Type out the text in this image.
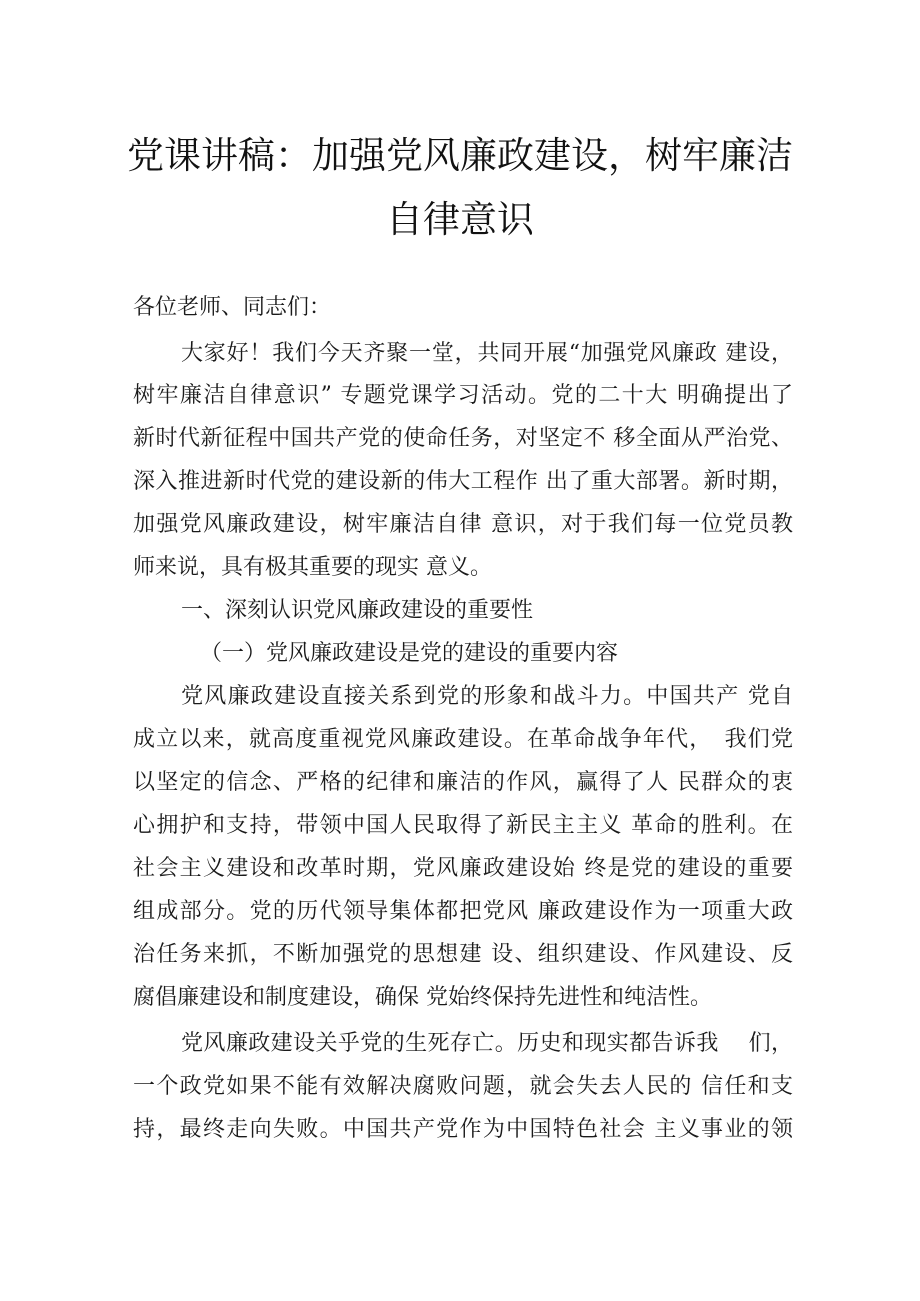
党课讲稿：加强党风廉政建设，树牢廉洁
自律意识
各位老师、同志们：
大家好！我们今天齐聚一堂，共同开展“加强党风廉政 建设，
树牢廉洁自律意识” 专题党课学习活动。党的二十大 明确提出了
新时代新征程中国共产党的使命任务，对坚定不 移全面从严治党、
深入推进新时代党的建设新的伟大工程作 出了重大部署。新时期，
加强党风廉政建设，树牢廉洁自律 意识，对于我们每一位党员教
师来说，具有极其重要的现实 意义。
一、深刻认识党风廉政建设的重要性
（一）党风廉政建设是党的建设的重要内容
党风廉政建设直接关系到党的形象和战斗力。中国共产 党自
成立以来，就高度重视党风廉政建设。在革命战争年代，　我们党
以坚定的信念、严格的纪律和廉洁的作风，赢得了人 民群众的衷
心拥护和支持，带领中国人民取得了新民主主义 革命的胜利。在
社会主义建设和改革时期，党风廉政建设始 终是党的建设的重要
组成部分。党的历代领导集体都把党风 廉政建设作为一项重大政
治任务来抓，不断加强党的思想建 设、组织建设、作风建设、反
腐倡廉建设和制度建设，确保 党始终保持先进性和纯洁性。
党风廉政建设关乎党的生死存亡。历史和现实都告诉我　 们，
一个政党如果不能有效解决腐败问题，就会失去人民的 信任和支
持，最终走向失败。中国共产党作为中国特色社会 主义事业的领
